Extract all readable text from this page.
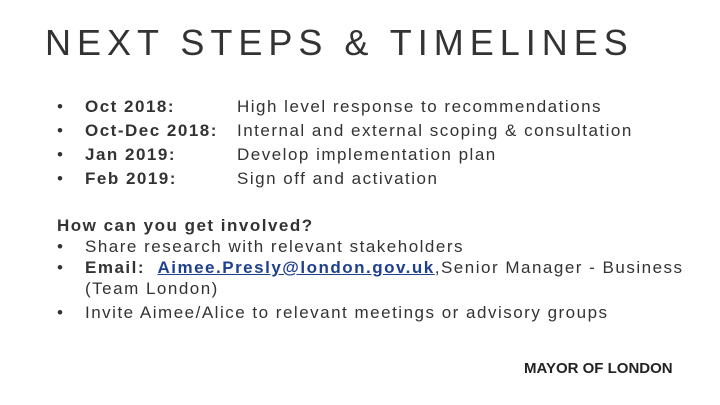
NEXT STEPS & TIMELINES
• Oct 2018:	High level response to recommendations
• Oct-Dec 2018: Internal and external scoping & consultation
• Jan 2019:	Develop implementation plan
• Feb 2019:	Sign off and activation
How can you get involved?
• Share research with relevant stakeholders
• Email: Aimee.Presly@london.gov.uk,Senior Manager - Business (Team London)
• Invite Aimee/Alice to relevant meetings or advisory groups
MAYOR OF LONDON
